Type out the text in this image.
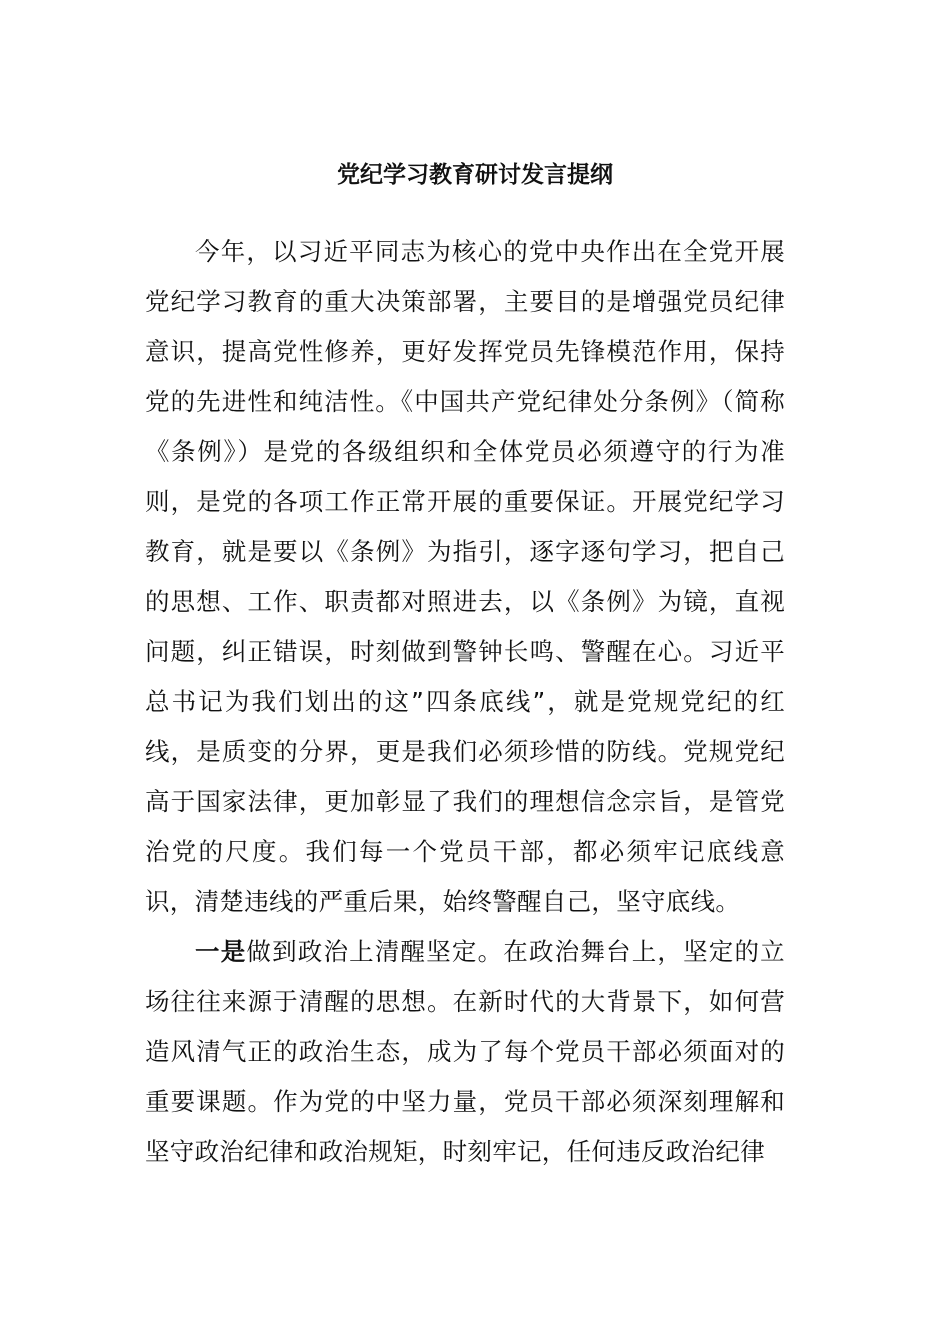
党纪学习教育研讨发言提纲

今年，以习近平同志为核心的党中央作出在全党开展党纪学习教育的重大决策部署，主要目的是增强党员纪律意识，提高党性修养，更好发挥党员先锋模范作用，保持党的先进性和纯洁性。《中国共产党纪律处分条例》（简称《条例》）是党的各级组织和全体党员必须遵守的行为准则，是党的各项工作正常开展的重要保证。开展党纪学习教育，就是要以《条例》为指引，逐字逐句学习，把自己的思想、工作、职责都对照进去，以《条例》为镜，直视问题，纠正错误，时刻做到警钟长鸣、警醒在心。习近平总书记为我们划出的这”四条底线”，就是党规党纪的红线，是质变的分界，更是我们必须珍惜的防线。党规党纪高于国家法律，更加彰显了我们的理想信念宗旨，是管党治党的尺度。我们每一个党员干部，都必须牢记底线意识，清楚违线的严重后果，始终警醒自己，坚守底线。

一是做到政治上清醒坚定。在政治舞台上，坚定的立场往往来源于清醒的思想。在新时代的大背景下，如何营造风清气正的政治生态，成为了每个党员干部必须面对的重要课题。作为党的中坚力量，党员干部必须深刻理解和坚守政治纪律和政治规矩，时刻牢记，任何违反政治纪律
